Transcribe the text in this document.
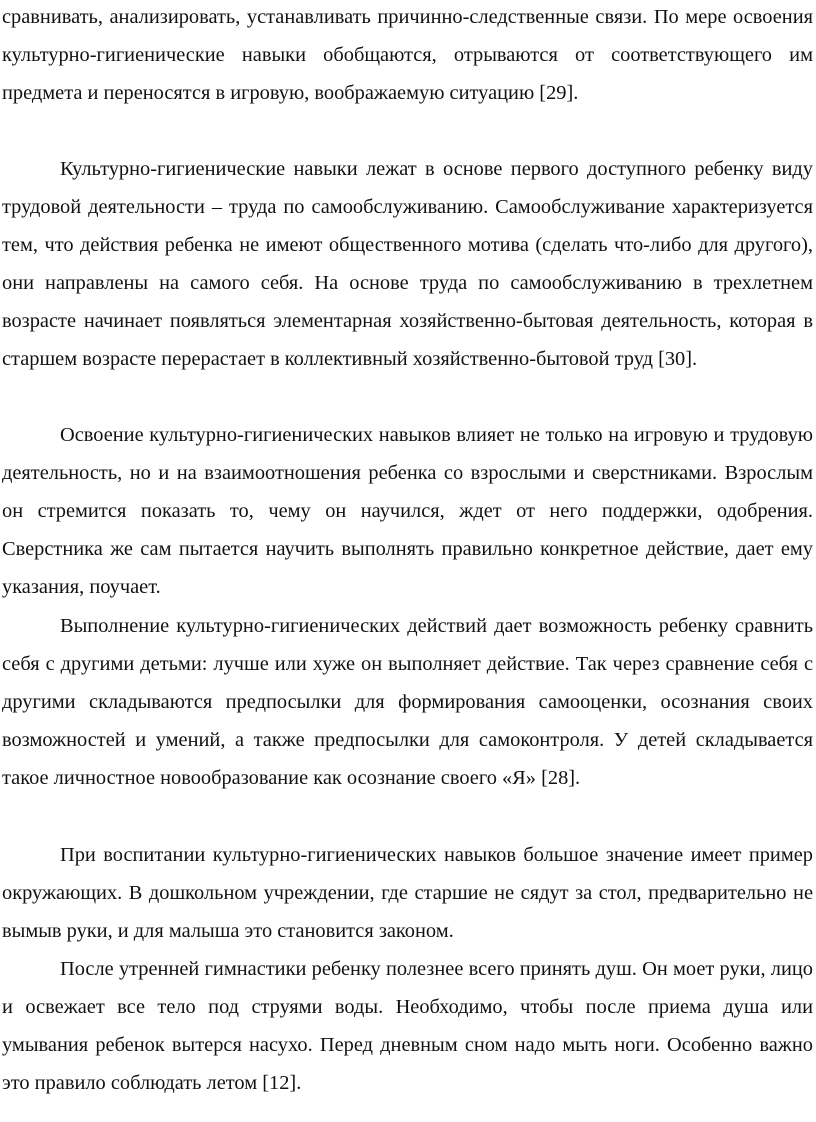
сравнивать, анализировать, устанавливать причинно-следственные связи. По мере освоения культурно-гигиенические навыки обобщаются, отрываются от соответствующего им предмета и переносятся в игровую, воображаемую ситуацию [29].

Культурно-гигиенические навыки лежат в основе первого доступного ребенку виду трудовой деятельности – труда по самообслуживанию. Самообслуживание характеризуется тем, что действия ребенка не имеют общественного мотива (сделать что-либо для другого), они направлены на самого себя. На основе труда по самообслуживанию в трехлетнем возрасте начинает появляться элементарная хозяйственно-бытовая деятельность, которая в старшем возрасте перерастает в коллективный хозяйственно-бытовой труд [30].

Освоение культурно-гигиенических навыков влияет не только на игровую и трудовую деятельность, но и на взаимоотношения ребенка со взрослыми и сверстниками. Взрослым он стремится показать то, чему он научился, ждет от него поддержки, одобрения. Сверстника же сам пытается научить выполнять правильно конкретное действие, дает ему указания, поучает.

Выполнение культурно-гигиенических действий дает возможность ребенку сравнить себя с другими детьми: лучше или хуже он выполняет действие. Так через сравнение себя с другими складываются предпосылки для формирования самооценки, осознания своих возможностей и умений, а также предпосылки для самоконтроля. У детей складывается такое личностное новообразование как осознание своего «Я» [28].

При воспитании культурно-гигиенических навыков большое значение имеет пример окружающих. В дошкольном учреждении, где старшие не сядут за стол, предварительно не вымыв руки, и для малыша это становится законом.

После утренней гимнастики ребенку полезнее всего принять душ. Он моет руки, лицо и освежает все тело под струями воды. Необходимо, чтобы после приема душа или умывания ребенок вытерся насухо. Перед дневным сном надо мыть ноги. Особенно важно это правило соблюдать летом [12].
